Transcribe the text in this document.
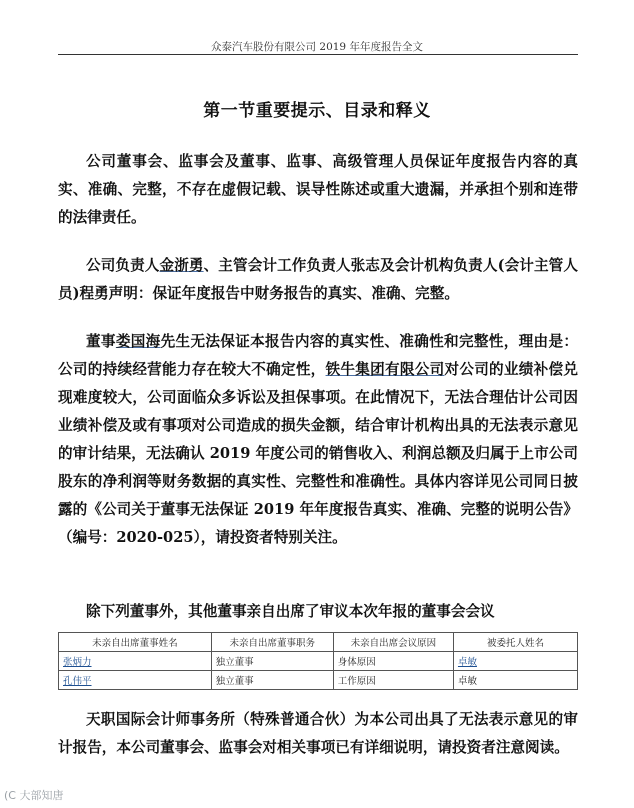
众泰汽车股份有限公司 2019 年年度报告全文
第一节重要提示、目录和释义

公司董事会、监事会及董事、监事、高级管理人员保证年度报告内容的真实、准确、完整，不存在虚假记载、误导性陈述或重大遗漏，并承担个别和连带的法律责任。

公司负责人金浙勇、主管会计工作负责人张志及会计机构负责人(会计主管人员)程勇声明：保证年度报告中财务报告的真实、准确、完整。

董事娄国海先生无法保证本报告内容的真实性、准确性和完整性，理由是：公司的持续经营能力存在较大不确定性，铁牛集团有限公司对公司的业绩补偿兑现难度较大，公司面临众多诉讼及担保事项。在此情况下，无法合理估计公司因业绩补偿及或有事项对公司造成的损失金额，结合审计机构出具的无法表示意见的审计结果，无法确认 2019 年度公司的销售收入、利润总额及归属于上市公司股东的净利润等财务数据的真实性、完整性和准确性。具体内容详见公司同日披露的《公司关于董事无法保证 2019 年年度报告真实、准确、完整的说明公告》（编号：2020-025），请投资者特别关注。

除下列董事外，其他董事亲自出席了审议本次年报的董事会会议

未亲自出席董事姓名	未亲自出席董事职务	未亲自出席会议原因	被委托人姓名
张炳力	独立董事	身体原因	卓敏
孔伟平	独立董事	工作原因	卓敏

天职国际会计师事务所（特殊普通合伙）为本公司出具了无法表示意见的审计报告，本公司董事会、监事会对相关事项已有详细说明，请投资者注意阅读。

(C 大部知唐
